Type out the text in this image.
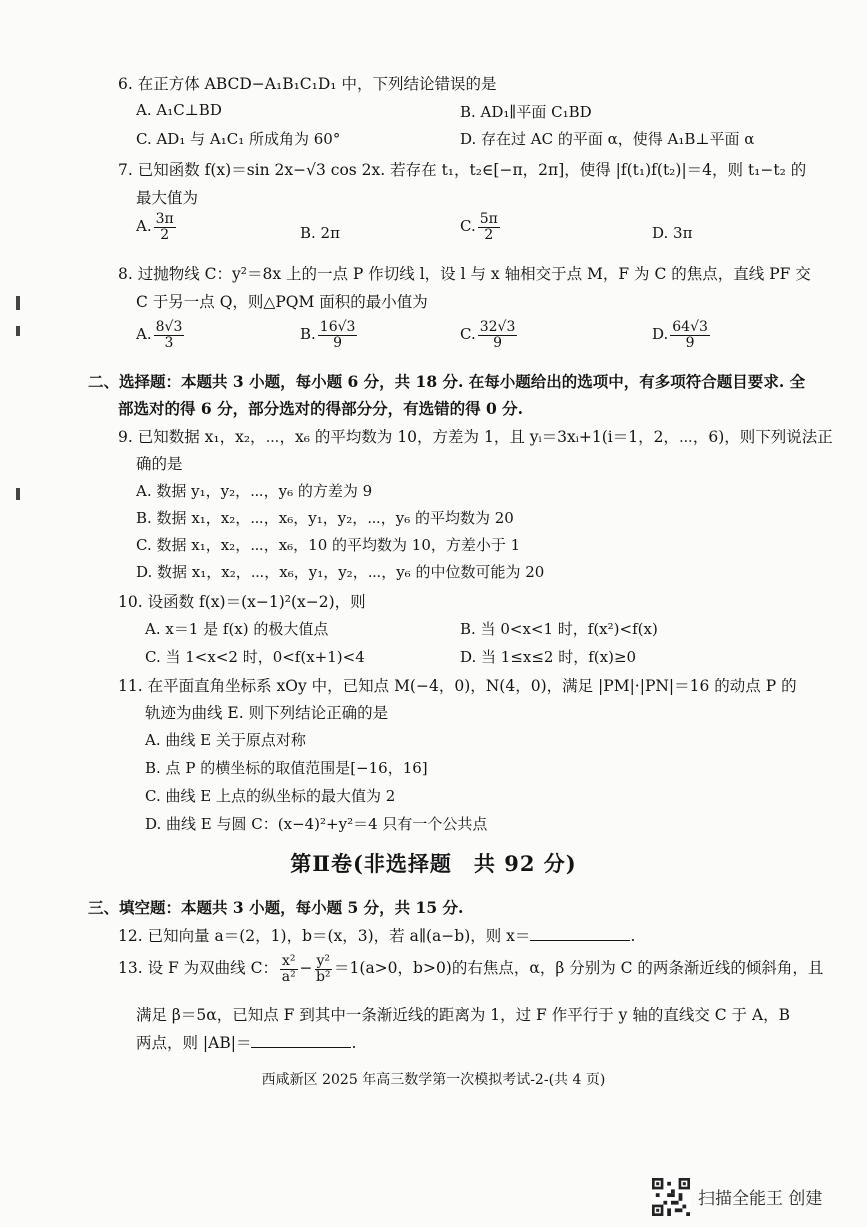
6. 在正方体 ABCD−A₁B₁C₁D₁ 中，下列结论错误的是
A. A₁C⊥BD	B. AD₁∥平面 C₁BD
C. AD₁ 与 A₁C₁ 所成角为 60°	D. 存在过 AC 的平面 α，使得 A₁B⊥平面 α
7. 已知函数 f(x)＝sin 2x−√3 cos 2x. 若存在 t₁，t₂∈[−π，2π]，使得 |f(t₁)f(t₂)|＝4，则 t₁−t₂ 的
最大值为
A. $\frac{3\pi}{2}$	B. 2π	C. $\frac{5\pi}{2}$	D. 3π
8. 过抛物线 C：y²＝8x 上的一点 P 作切线 l，设 l 与 x 轴相交于点 M，F 为 C 的焦点，直线 PF 交
C 于另一点 Q，则△PQM 面积的最小值为
A. $\frac{8√3}{3}$	B. $\frac{16√3}{9}$	C. $\frac{32√3}{9}$	D. $\frac{64√3}{9}$
二、选择题：本题共 3 小题，每小题 6 分，共 18 分. 在每小题给出的选项中，有多项符合题目要求. 全
部选对的得 6 分，部分选对的得部分分，有选错的得 0 分.
9. 已知数据 x₁，x₂，⋯，x₆ 的平均数为 10，方差为 1，且 yᵢ＝3xᵢ+1(i＝1，2，⋯，6)，则下列说法正
确的是
A. 数据 y₁，y₂，⋯，y₆ 的方差为 9
B. 数据 x₁，x₂，⋯，x₆，y₁，y₂，⋯，y₆ 的平均数为 20
C. 数据 x₁，x₂，⋯，x₆，10 的平均数为 10，方差小于 1
D. 数据 x₁，x₂，⋯，x₆，y₁，y₂，⋯，y₆ 的中位数可能为 20
10. 设函数 f(x)＝(x−1)²(x−2)，则
A. x＝1 是 f(x) 的极大值点	B. 当 0<x<1 时，f(x²)<f(x)
C. 当 1<x<2 时，0<f(x+1)<4	D. 当 1≤x≤2 时，f(x)≥0
11. 在平面直角坐标系 xOy 中，已知点 M(−4，0)，N(4，0)，满足 |PM|·|PN|＝16 的动点 P 的
轨迹为曲线 E. 则下列结论正确的是
A. 曲线 E 关于原点对称
B. 点 P 的横坐标的取值范围是[−16，16]
C. 曲线 E 上点的纵坐标的最大值为 2
D. 曲线 E 与圆 C：(x−4)²+y²＝4 只有一个公共点
第Ⅱ卷(非选择题　共 92 分)
三、填空题：本题共 3 小题，每小题 5 分，共 15 分.
12. 已知向量 a＝(2，1)，b＝(x，3)，若 a∥(a−b)，则 x＝	.
13. 设 F 为双曲线 C： $\frac{\text{x²}}{\text{a²}} - \frac{\text{y²}}{\text{b²}} =1(a>0$，b>0)的右焦点，α，β 分别为 C 的两条渐近线的倾斜角，且
满足 β＝5α，已知点 F 到其中一条渐近线的距离为 1，过 F 作平行于 y 轴的直线交 C 于 A，B
两点，则 |AB|＝	.
西咸新区 2025 年高三数学第一次模拟考试-2-(共 4 页)
扫描全能王 创建
